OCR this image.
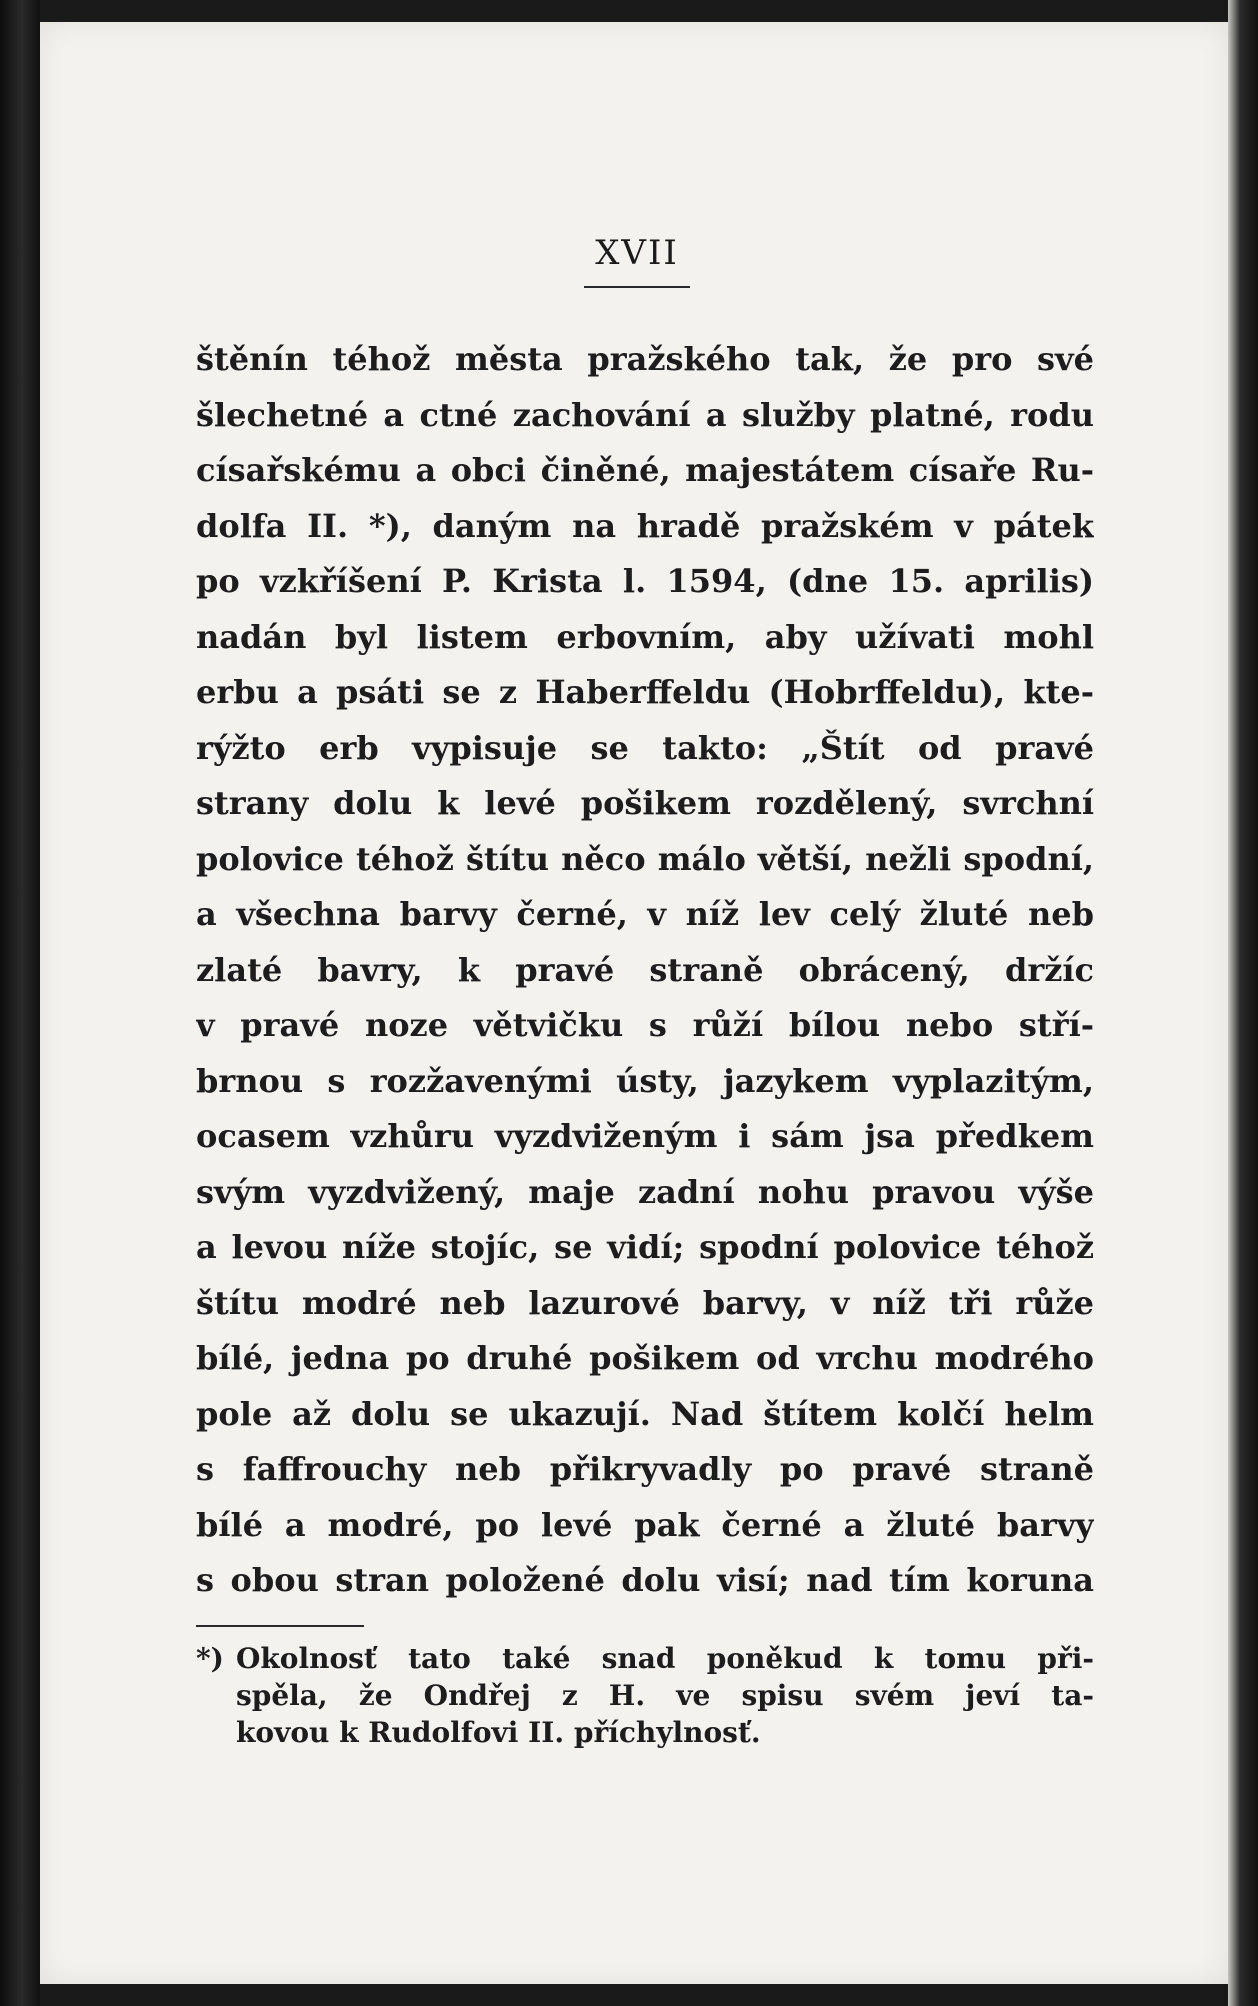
XVII
štěnín téhož města pražského tak, že pro své
šlechetné a ctné zachování a služby platné, rodu
císařskému a obci činěné, majestátem císaře Ru-
dolfa II. *), daným na hradě pražském v pátek
po vzkříšení P. Krista l. 1594, (dne 15. aprilis)
nadán byl listem erbovním, aby užívati mohl
erbu a psáti se z Haberffeldu (Hobrffeldu), kte-
rýžto erb vypisuje se takto: „Štít od pravé
strany dolu k levé pošikem rozdělený, svrchní
polovice téhož štítu něco málo větší, nežli spodní,
a všechna barvy černé, v níž lev celý žluté neb
zlaté bavry, k pravé straně obrácený, držíc
v pravé noze větvičku s růží bílou nebo stří-
brnou s rozžavenými ústy, jazykem vyplazitým,
ocasem vzhůru vyzdviženým i sám jsa předkem
svým vyzdvižený, maje zadní nohu pravou výše
a levou níže stojíc, se vidí; spodní polovice téhož
štítu modré neb lazurové barvy, v níž tři růže
bílé, jedna po druhé pošikem od vrchu modrého
pole až dolu se ukazují. Nad štítem kolčí helm
s faffrouchy neb přikryvadly po pravé straně
bílé a modré, po levé pak černé a žluté barvy
s obou stran položené dolu visí; nad tím koruna
*) Okolnosť tato také snad poněkud k tomu při-
spěla, že Ondřej z H. ve spisu svém jeví ta-
kovou k Rudolfovi II. příchylnosť.
